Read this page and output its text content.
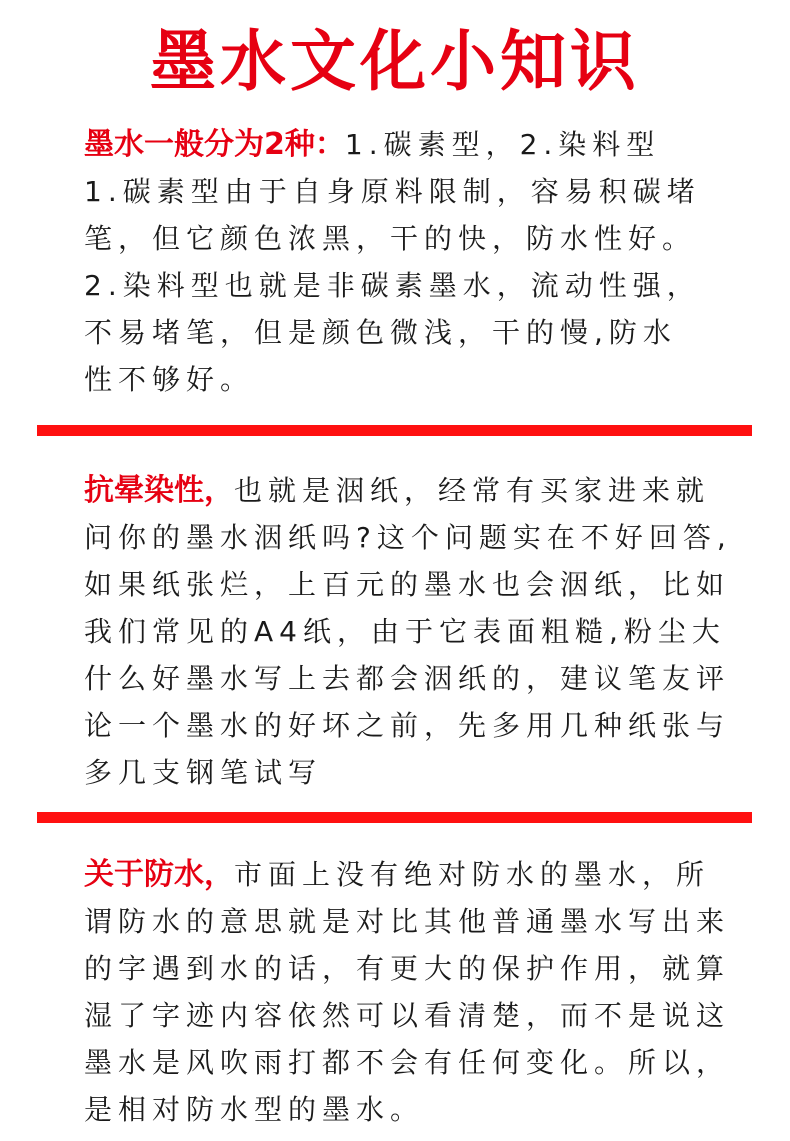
墨水文化小知识
墨水一般分为2种：1.碳素型，2.染料型
1.碳素型由于自身原料限制，容易积碳堵
笔，但它颜色浓黑，干的快，防水性好。
2.染料型也就是非碳素墨水，流动性强，
不易堵笔，但是颜色微浅，干的慢,防水
性不够好。
抗晕染性，也就是洇纸，经常有买家进来就
问你的墨水洇纸吗?这个问题实在不好回答,
如果纸张烂，上百元的墨水也会洇纸，比如
我们常见的A4纸，由于它表面粗糙,粉尘大
什么好墨水写上去都会洇纸的，建议笔友评
论一个墨水的好坏之前，先多用几种纸张与
多几支钢笔试写
关于防水，市面上没有绝对防水的墨水，所
谓防水的意思就是对比其他普通墨水写出来
的字遇到水的话，有更大的保护作用，就算
湿了字迹内容依然可以看清楚，而不是说这
墨水是风吹雨打都不会有任何变化。所以，
是相对防水型的墨水。
